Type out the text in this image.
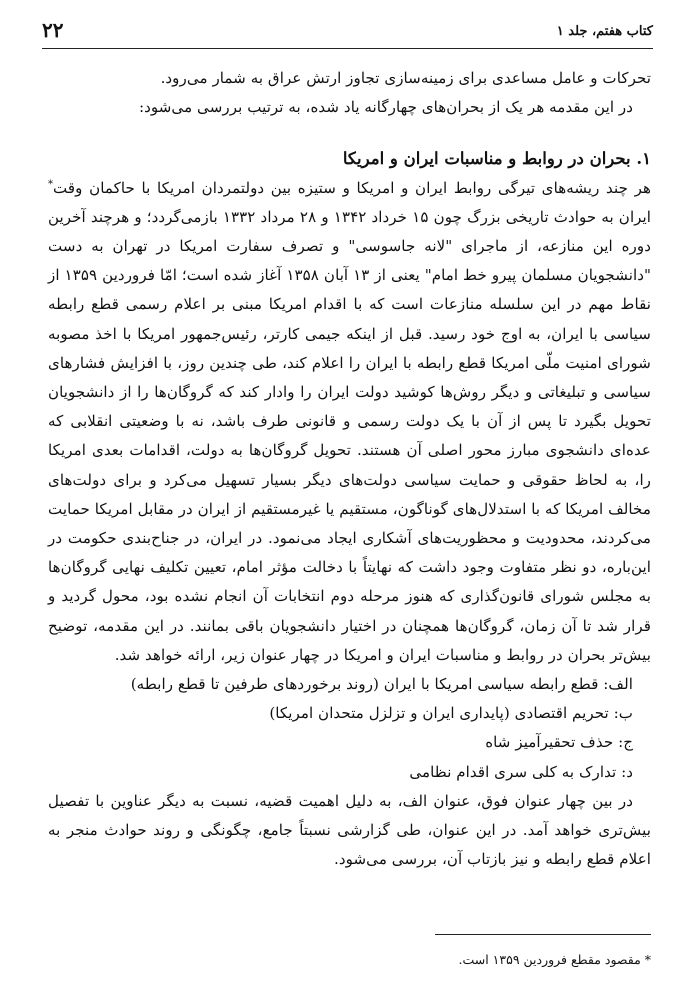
کتاب هفتم، جلد ۱
۲۲

تحرکات و عامل مساعدی برای زمینه‌سازی تجاوز ارتش عراق به شمار می‌رود.

در این مقدمه هر یک از بحران‌های چهارگانه یاد شده، به ترتیب بررسی می‌شود:

۱. بحران در روابط و مناسبات ایران و امریکا

هر چند ریشه‌های تیرگی روابط ایران و امریکا و ستیزه بین دولتمردان امریکا با حاکمان وقت* ایران به حوادث تاریخی بزرگ چون ۱۵ خرداد ۱۳۴۲ و ۲۸ مرداد ۱۳۳۲ بازمی‌گردد؛ و هرچند آخرین دوره این منازعه، از ماجرای "لانه جاسوسی" و تصرف سفارت امریکا در تهران به دست "دانشجویان مسلمان پیرو خط امام" یعنی از ۱۳ آبان ۱۳۵۸ آغاز شده است؛ امّا فروردین ۱۳۵۹ از نقاط مهم در این سلسله منازعات است که با اقدام امریکا مبنی بر اعلام رسمی قطع رابطه سیاسی با ایران، به اوج خود رسید. قبل از اینکه جیمی کارتر، رئیس‌جمهور امریکا با اخذ مصوبه شورای امنیت ملّی امریکا قطع رابطه با ایران را اعلام کند، طی چندین روز، با افزایش فشارهای سیاسی و تبلیغاتی و دیگر روش‌ها کوشید دولت ایران را وادار کند که گروگان‌ها را از دانشجویان تحویل بگیرد تا پس از آن با یک دولت رسمی و قانونی طرف باشد، نه با وضعیتی انقلابی که عده‌ای دانشجوی مبارز محور اصلی آن هستند. تحویل گروگان‌ها به دولت، اقدامات بعدی امریکا را، به لحاظ حقوقی و حمایت سیاسی دولت‌های دیگر بسیار تسهیل می‌کرد و برای دولت‌های مخالف امریکا که با استدلال‌های گوناگون، مستقیم یا غیرمستقیم از ایران در مقابل امریکا حمایت می‌کردند، محدودیت و محظوریت‌های آشکاری ایجاد می‌نمود. در ایران، در جناح‌بندی حکومت در این‌باره، دو نظر متفاوت وجود داشت که نهایتاً با دخالت مؤثر امام، تعیین تکلیف نهایی گروگان‌ها به مجلس شورای قانون‌گذاری که هنوز مرحله دوم انتخابات آن انجام نشده بود، محول گردید و قرار شد تا آن زمان، گروگان‌ها همچنان در اختیار دانشجویان باقی بمانند. در این مقدمه، توضیح بیش‌تر بحران در روابط و مناسبات ایران و امریکا در چهار عنوان زیر، ارائه خواهد شد.

الف: قطع رابطه سیاسی امریکا با ایران (روند برخوردهای طرفین تا قطع رابطه)

ب: تحریم اقتصادی (پایداری ایران و تزلزل متحدان امریکا)

ج: حذف تحقیرآمیز شاه

د: تدارک به کلی سری اقدام نظامی

در بین چهار عنوان فوق، عنوان الف، به دلیل اهمیت قضیه، نسبت به دیگر عناوین با تفصیل بیش‌تری خواهد آمد. در این عنوان، طی گزارشی نسبتاً جامع، چگونگی و روند حوادث منجر به اعلام قطع رابطه و نیز بازتاب آن، بررسی می‌شود.

* مقصود مقطع فروردین ۱۳۵۹ است.
